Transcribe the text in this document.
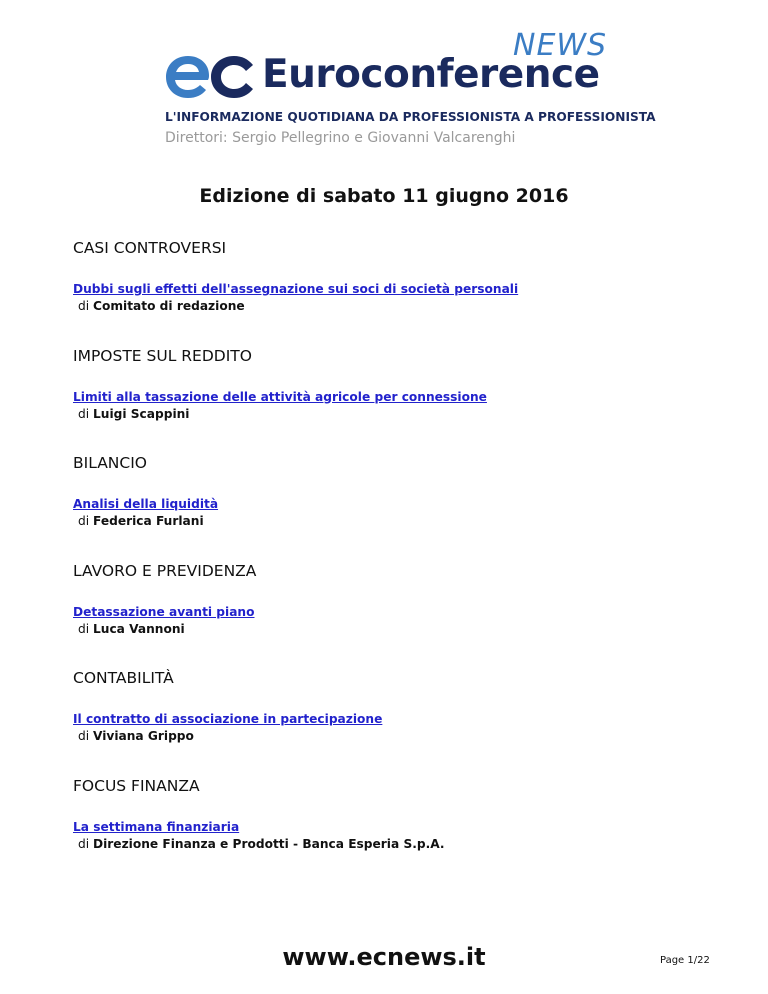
NEWS
Euroconference
L'INFORMAZIONE QUOTIDIANA DA PROFESSIONISTA A PROFESSIONISTA
Direttori: Sergio Pellegrino e Giovanni Valcarenghi
Edizione di sabato 11 giugno 2016
CASI CONTROVERSI
Dubbi sugli effetti dell'assegnazione sui soci di società personali
di Comitato di redazione
IMPOSTE SUL REDDITO
Limiti alla tassazione delle attività agricole per connessione
di Luigi Scappini
BILANCIO
Analisi della liquidità
di Federica Furlani
LAVORO E PREVIDENZA
Detassazione avanti piano
di Luca Vannoni
CONTABILITÀ
Il contratto di associazione in partecipazione
di Viviana Grippo
FOCUS FINANZA
La settimana finanziaria
di Direzione Finanza e Prodotti - Banca Esperia S.p.A.
www.ecnews.it	Page 1/22
